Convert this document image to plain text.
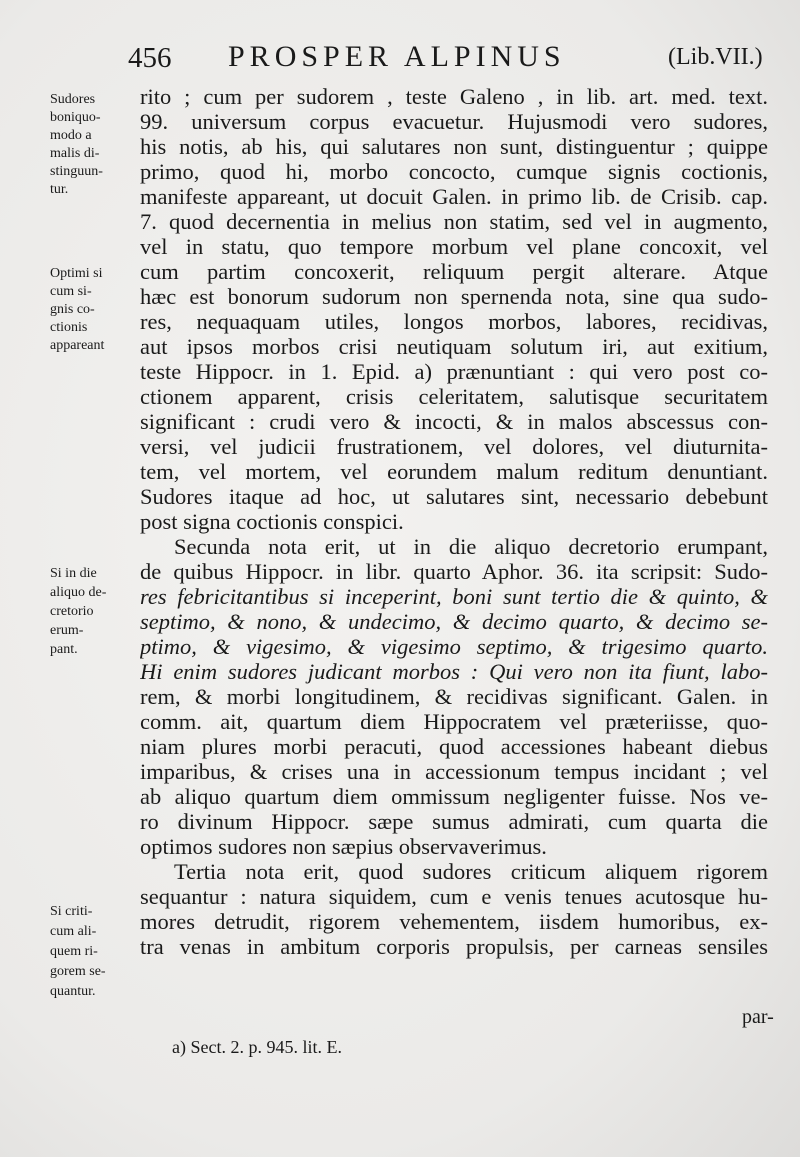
456 PROSPER ALPINUS	(Lib.VII.)
Sudores
boniquo-
modo a
malis di-
stinguun-
tur.
Optimi si
cum si-
gnis co-
ctionis
appareant
Si in die
aliquo de-
cretorio
erum-
pant.
Si criti-
cum ali-
quem ri-
gorem se-
quantur.
rito ; cum per sudorem , teste Galeno , in lib. art. med. text.
99. universum corpus evacuetur. Hujusmodi vero sudores,
his notis, ab his, qui salutares non sunt, distinguentur ; quippe
primo, quod hi, morbo concocto, cumque signis coctionis,
manifeste appareant, ut docuit Galen. in primo lib. de Crisib. cap.
7. quod decernentia in melius non statim, sed vel in augmento,
vel in statu, quo tempore morbum vel plane concoxit, vel
cum partim concoxerit, reliquum pergit alterare. Atque
hæc est bonorum sudorum non spernenda nota, sine qua sudo-
res, nequaquam utiles, longos morbos, labores, recidivas,
aut ipsos morbos crisi neutiquam solutum iri, aut exitium,
teste Hippocr. in 1. Epid. a) prænuntiant : qui vero post co-
ctionem apparent, crisis celeritatem, salutisque securitatem
significant : crudi vero & incocti, & in malos abscessus con-
versi, vel judicii frustrationem, vel dolores, vel diuturnita-
tem, vel mortem, vel eorundem malum reditum denuntiant.
Sudores itaque ad hoc, ut salutares sint, necessario debebunt
post signa coctionis conspici.
Secunda nota erit, ut in die aliquo decretorio erumpant,
de quibus Hippocr. in libr. quarto Aphor. 36. ita scripsit: Sudo-
res febricitantibus si inceperint, boni sunt tertio die & quinto, &
septimo, & nono, & undecimo, & decimo quarto, & decimo se-
ptimo, & vigesimo, & vigesimo septimo, & trigesimo quarto.
Hi enim sudores judicant morbos : Qui vero non ita fiunt, labo-
rem, & morbi longitudinem, & recidivas significant. Galen. in
comm. ait, quartum diem Hippocratem vel præteriisse, quo-
niam plures morbi peracuti, quod accessiones habeant diebus
imparibus, & crises una in accessionum tempus incidant ; vel
ab aliquo quartum diem ommissum negligenter fuisse. Nos ve-
ro divinum Hippocr. sæpe sumus admirati, cum quarta die
optimos sudores non sæpius observaverimus.
Tertia nota erit, quod sudores criticum aliquem rigorem
sequantur : natura siquidem, cum e venis tenues acutosque hu-
mores detrudit, rigorem vehementem, iisdem humoribus, ex-
tra venas in ambitum corporis propulsis, per carneas sensiles
par-
a) Sect. 2. p. 945. lit. E.
